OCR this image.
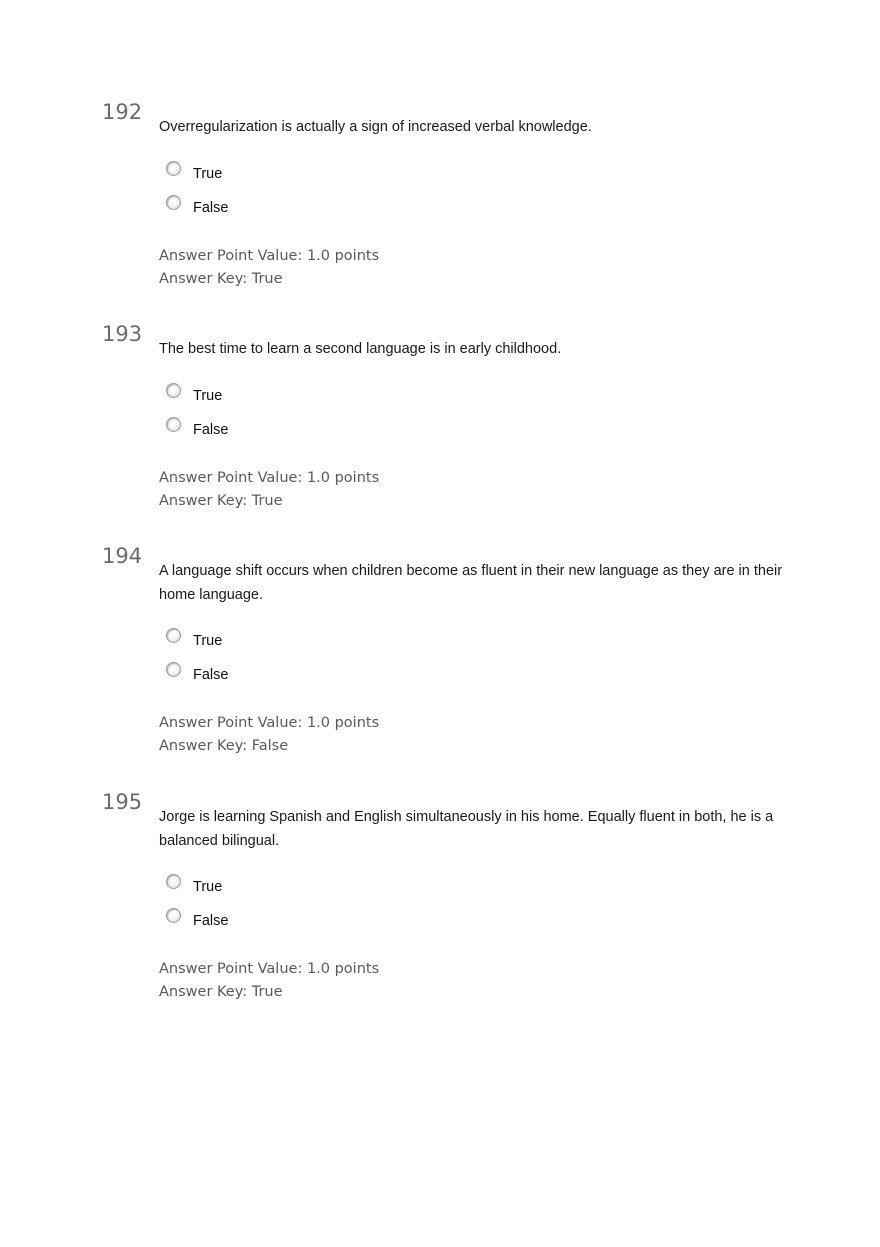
192
Overregularization is actually a sign of increased verbal knowledge.
True
False
Answer Point Value: 1.0 points
Answer Key: True
193
The best time to learn a second language is in early childhood.
True
False
Answer Point Value: 1.0 points
Answer Key: True
194
A language shift occurs when children become as fluent in their new language as they are in their home language.
True
False
Answer Point Value: 1.0 points
Answer Key: False
195
Jorge is learning Spanish and English simultaneously in his home. Equally fluent in both, he is a balanced bilingual.
True
False
Answer Point Value: 1.0 points
Answer Key: True
